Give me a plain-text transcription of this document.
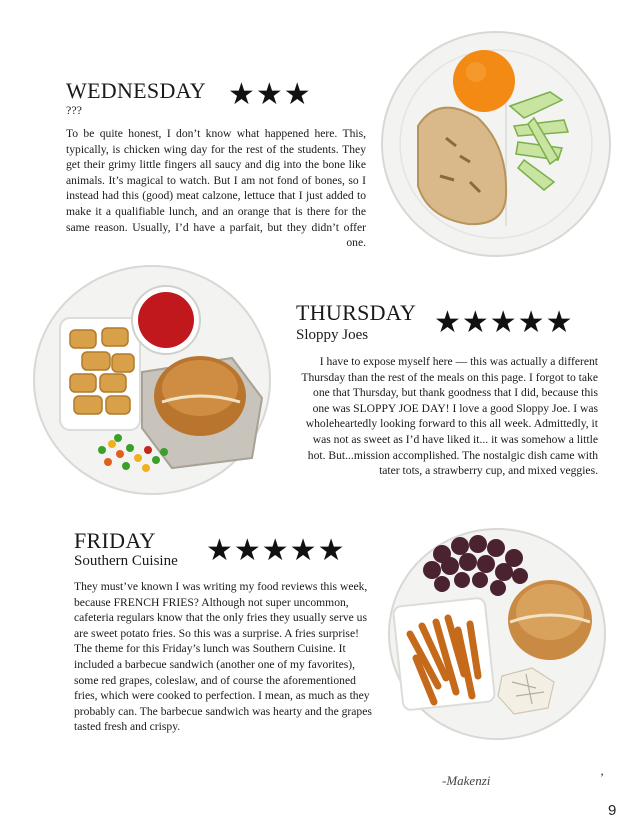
WEDNESDAY ★★★

???

To be quite honest, I don’t know what happened here. This, typically, is chicken wing day for the rest of the students. They get their grimy little fingers all saucy and dig into the bone like animals. It’s magical to watch. But I am not fond of bones, so I instead had this (good) meat calzone, lettuce that I just added to make it a qualifiable lunch, and an orange that is there for the same reason. Usually, I’d have a parfait, but they didn’t offer one.

THURSDAY ★★★★★

Sloppy Joes

I have to expose myself here — this was actually a different Thursday than the rest of the meals on this page. I forgot to take one that Thursday, but thank goodness that I did, because this one was SLOPPY JOE DAY! I love a good Sloppy Joe. I was wholeheartedly looking forward to this all week. Admittedly, it was not as sweet as I’d have liked it... it was somehow a little hot. But...mission accomplished. The nostalgic dish came with tater tots, a strawberry cup, and mixed veggies.

FRIDAY ★★★★★

Southern Cuisine

They must’ve known I was writing my food reviews this week, because FRENCH FRIES? Although not super uncommon, cafeteria regulars know that the only fries they usually serve us are sweet potato fries. So this was a surprise. A fries surprise! The theme for this Friday’s lunch was Southern Cuisine. It included a barbecue sandwich (another one of my favorites), some red grapes, coleslaw, and of course the aforementioned fries, which were cooked to perfection. I mean, as much as they probably can. The barbecue sandwich was hearty and the grapes tasted fresh and crispy.

-Makenzi	’
9
